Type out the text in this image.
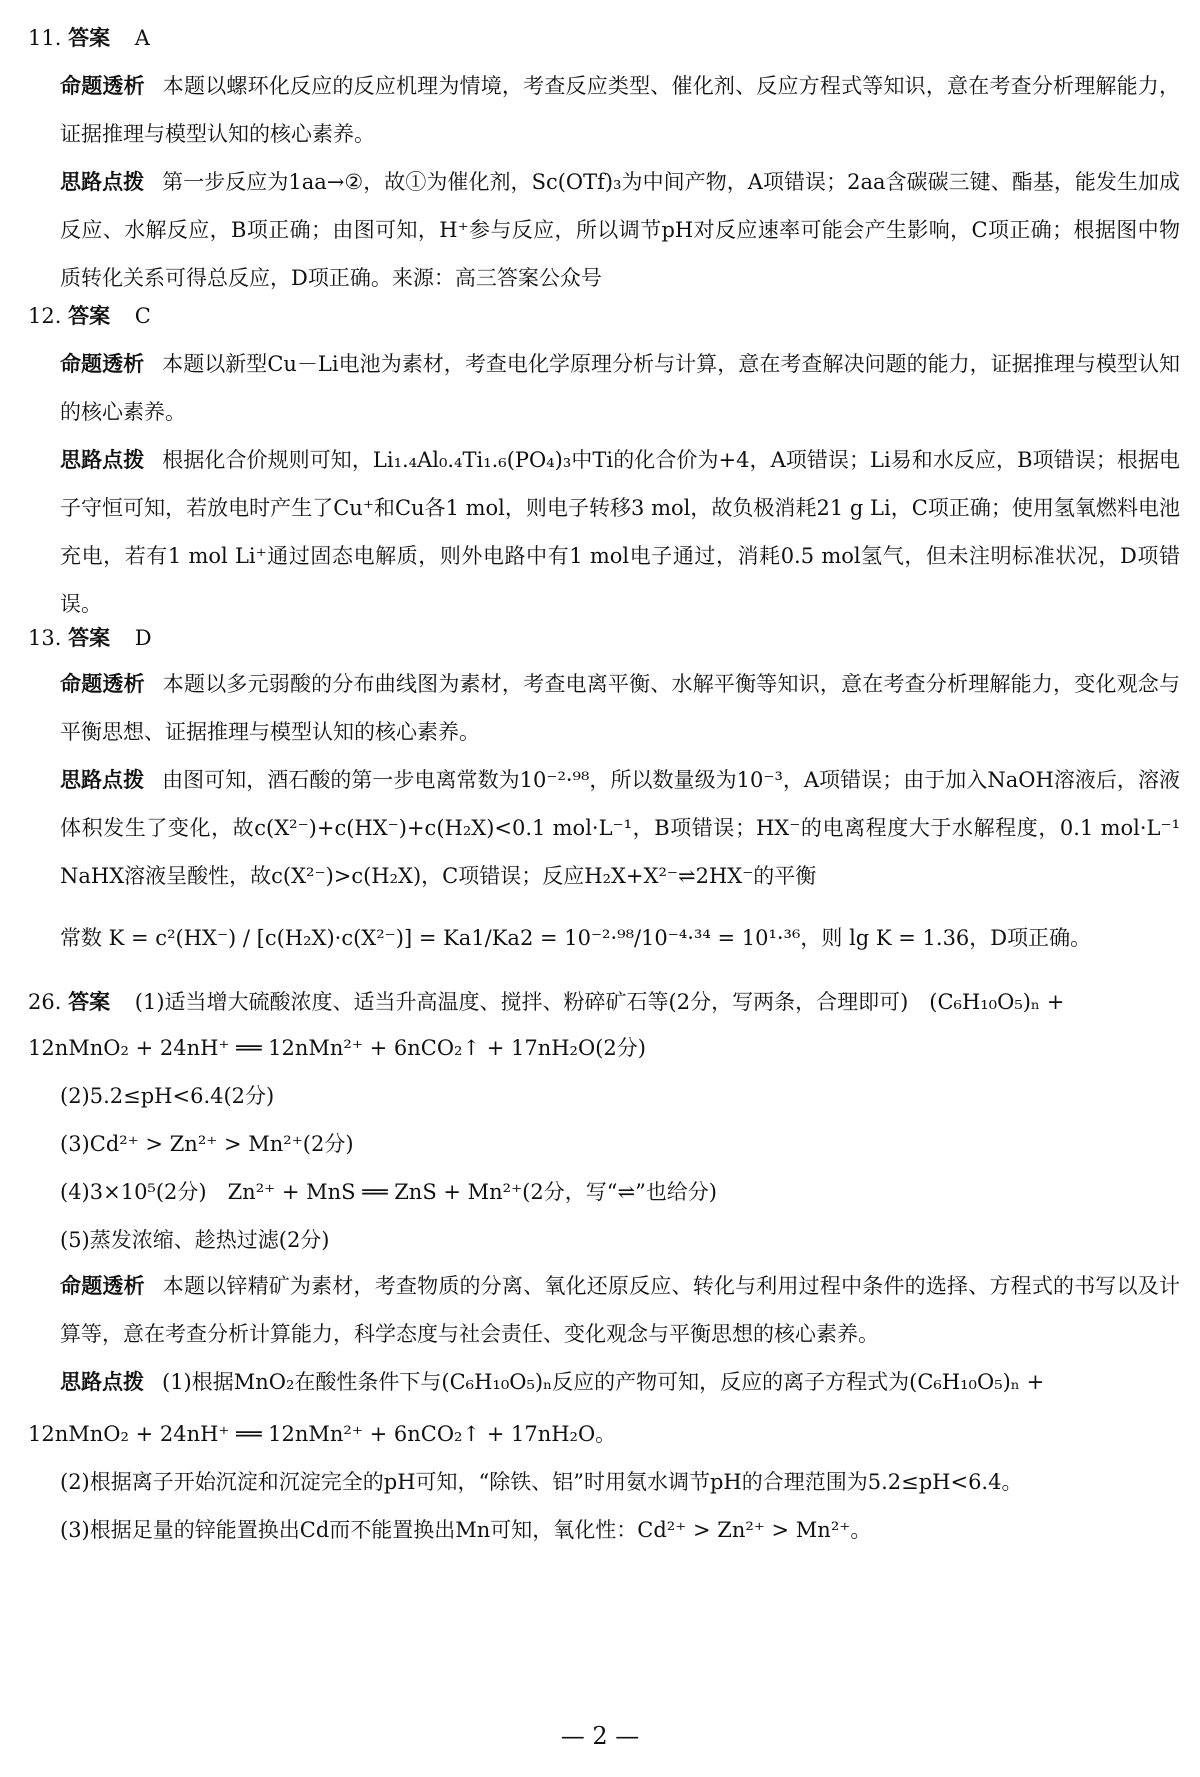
11. 答案 A
命题透析 本题以螺环化反应的反应机理为情境，考查反应类型、催化剂、反应方程式等知识，意在考查分析理解能力，证据推理与模型认知的核心素养。
思路点拨 第一步反应为1aa→②，故①为催化剂，Sc(OTf)₃为中间产物，A项错误；2aa含碳碳三键、酯基，能发生加成反应、水解反应，B项正确；由图可知，H⁺参与反应，所以调节pH对反应速率可能会产生影响，C项正确；根据图中物质转化关系可得总反应，D项正确。来源：高三答案公众号
12. 答案 C
命题透析 本题以新型Cu－Li电池为素材，考查电化学原理分析与计算，意在考查解决问题的能力，证据推理与模型认知的核心素养。
思路点拨 根据化合价规则可知，Li₁.₄Al₀.₄Ti₁.₆(PO₄)₃中Ti的化合价为+4，A项错误；Li易和水反应，B项错误；根据电子守恒可知，若放电时产生了Cu⁺和Cu各1 mol，则电子转移3 mol，故负极消耗21 g Li，C项正确；使用氢氧燃料电池充电，若有1 mol Li⁺通过固态电解质，则外电路中有1 mol电子通过，消耗0.5 mol氢气，但未注明标准状况，D项错误。
13. 答案 D
命题透析 本题以多元弱酸的分布曲线图为素材，考查电离平衡、水解平衡等知识，意在考查分析理解能力，变化观念与平衡思想、证据推理与模型认知的核心素养。
思路点拨 由图可知，酒石酸的第一步电离常数为10⁻²·⁹⁸，所以数量级为10⁻³，A项错误；由于加入NaOH溶液后，溶液体积发生了变化，故c(X²⁻)+c(HX⁻)+c(H₂X)<0.1 mol·L⁻¹，B项错误；HX⁻的电离程度大于水解程度，0.1 mol·L⁻¹ NaHX溶液呈酸性，故c(X²⁻)>c(H₂X)，C项错误；反应H₂X+X²⁻⇌2HX⁻的平衡
常数 K = c²(HX⁻) / [c(H₂X)·c(X²⁻)] = Ka1/Ka2 = 10⁻²·⁹⁸/10⁻⁴·³⁴ = 10¹·³⁶，则 lg K = 1.36，D项正确。
26. 答案 (1)适当增大硫酸浓度、适当升高温度、搅拌、粉碎矿石等(2分，写两条，合理即可)　(C₆H₁₀O₅)ₙ +
12nMnO₂ + 24nH⁺ ══ 12nMn²⁺ + 6nCO₂↑ + 17nH₂O(2分)
(2)5.2≤pH<6.4(2分)
(3)Cd²⁺ > Zn²⁺ > Mn²⁺(2分)
(4)3×10⁵(2分)　Zn²⁺ + MnS ══ ZnS + Mn²⁺(2分，写“⇌”也给分)
(5)蒸发浓缩、趁热过滤(2分)
命题透析 本题以锌精矿为素材，考查物质的分离、氧化还原反应、转化与利用过程中条件的选择、方程式的书写以及计算等，意在考查分析计算能力，科学态度与社会责任、变化观念与平衡思想的核心素养。
思路点拨 (1)根据MnO₂在酸性条件下与(C₆H₁₀O₅)ₙ反应的产物可知，反应的离子方程式为(C₆H₁₀O₅)ₙ +
12nMnO₂ + 24nH⁺ ══ 12nMn²⁺ + 6nCO₂↑ + 17nH₂O。
(2)根据离子开始沉淀和沉淀完全的pH可知，“除铁、铝”时用氨水调节pH的合理范围为5.2≤pH<6.4。
(3)根据足量的锌能置换出Cd而不能置换出Mn可知，氧化性：Cd²⁺ > Zn²⁺ > Mn²⁺。
— 2 —
